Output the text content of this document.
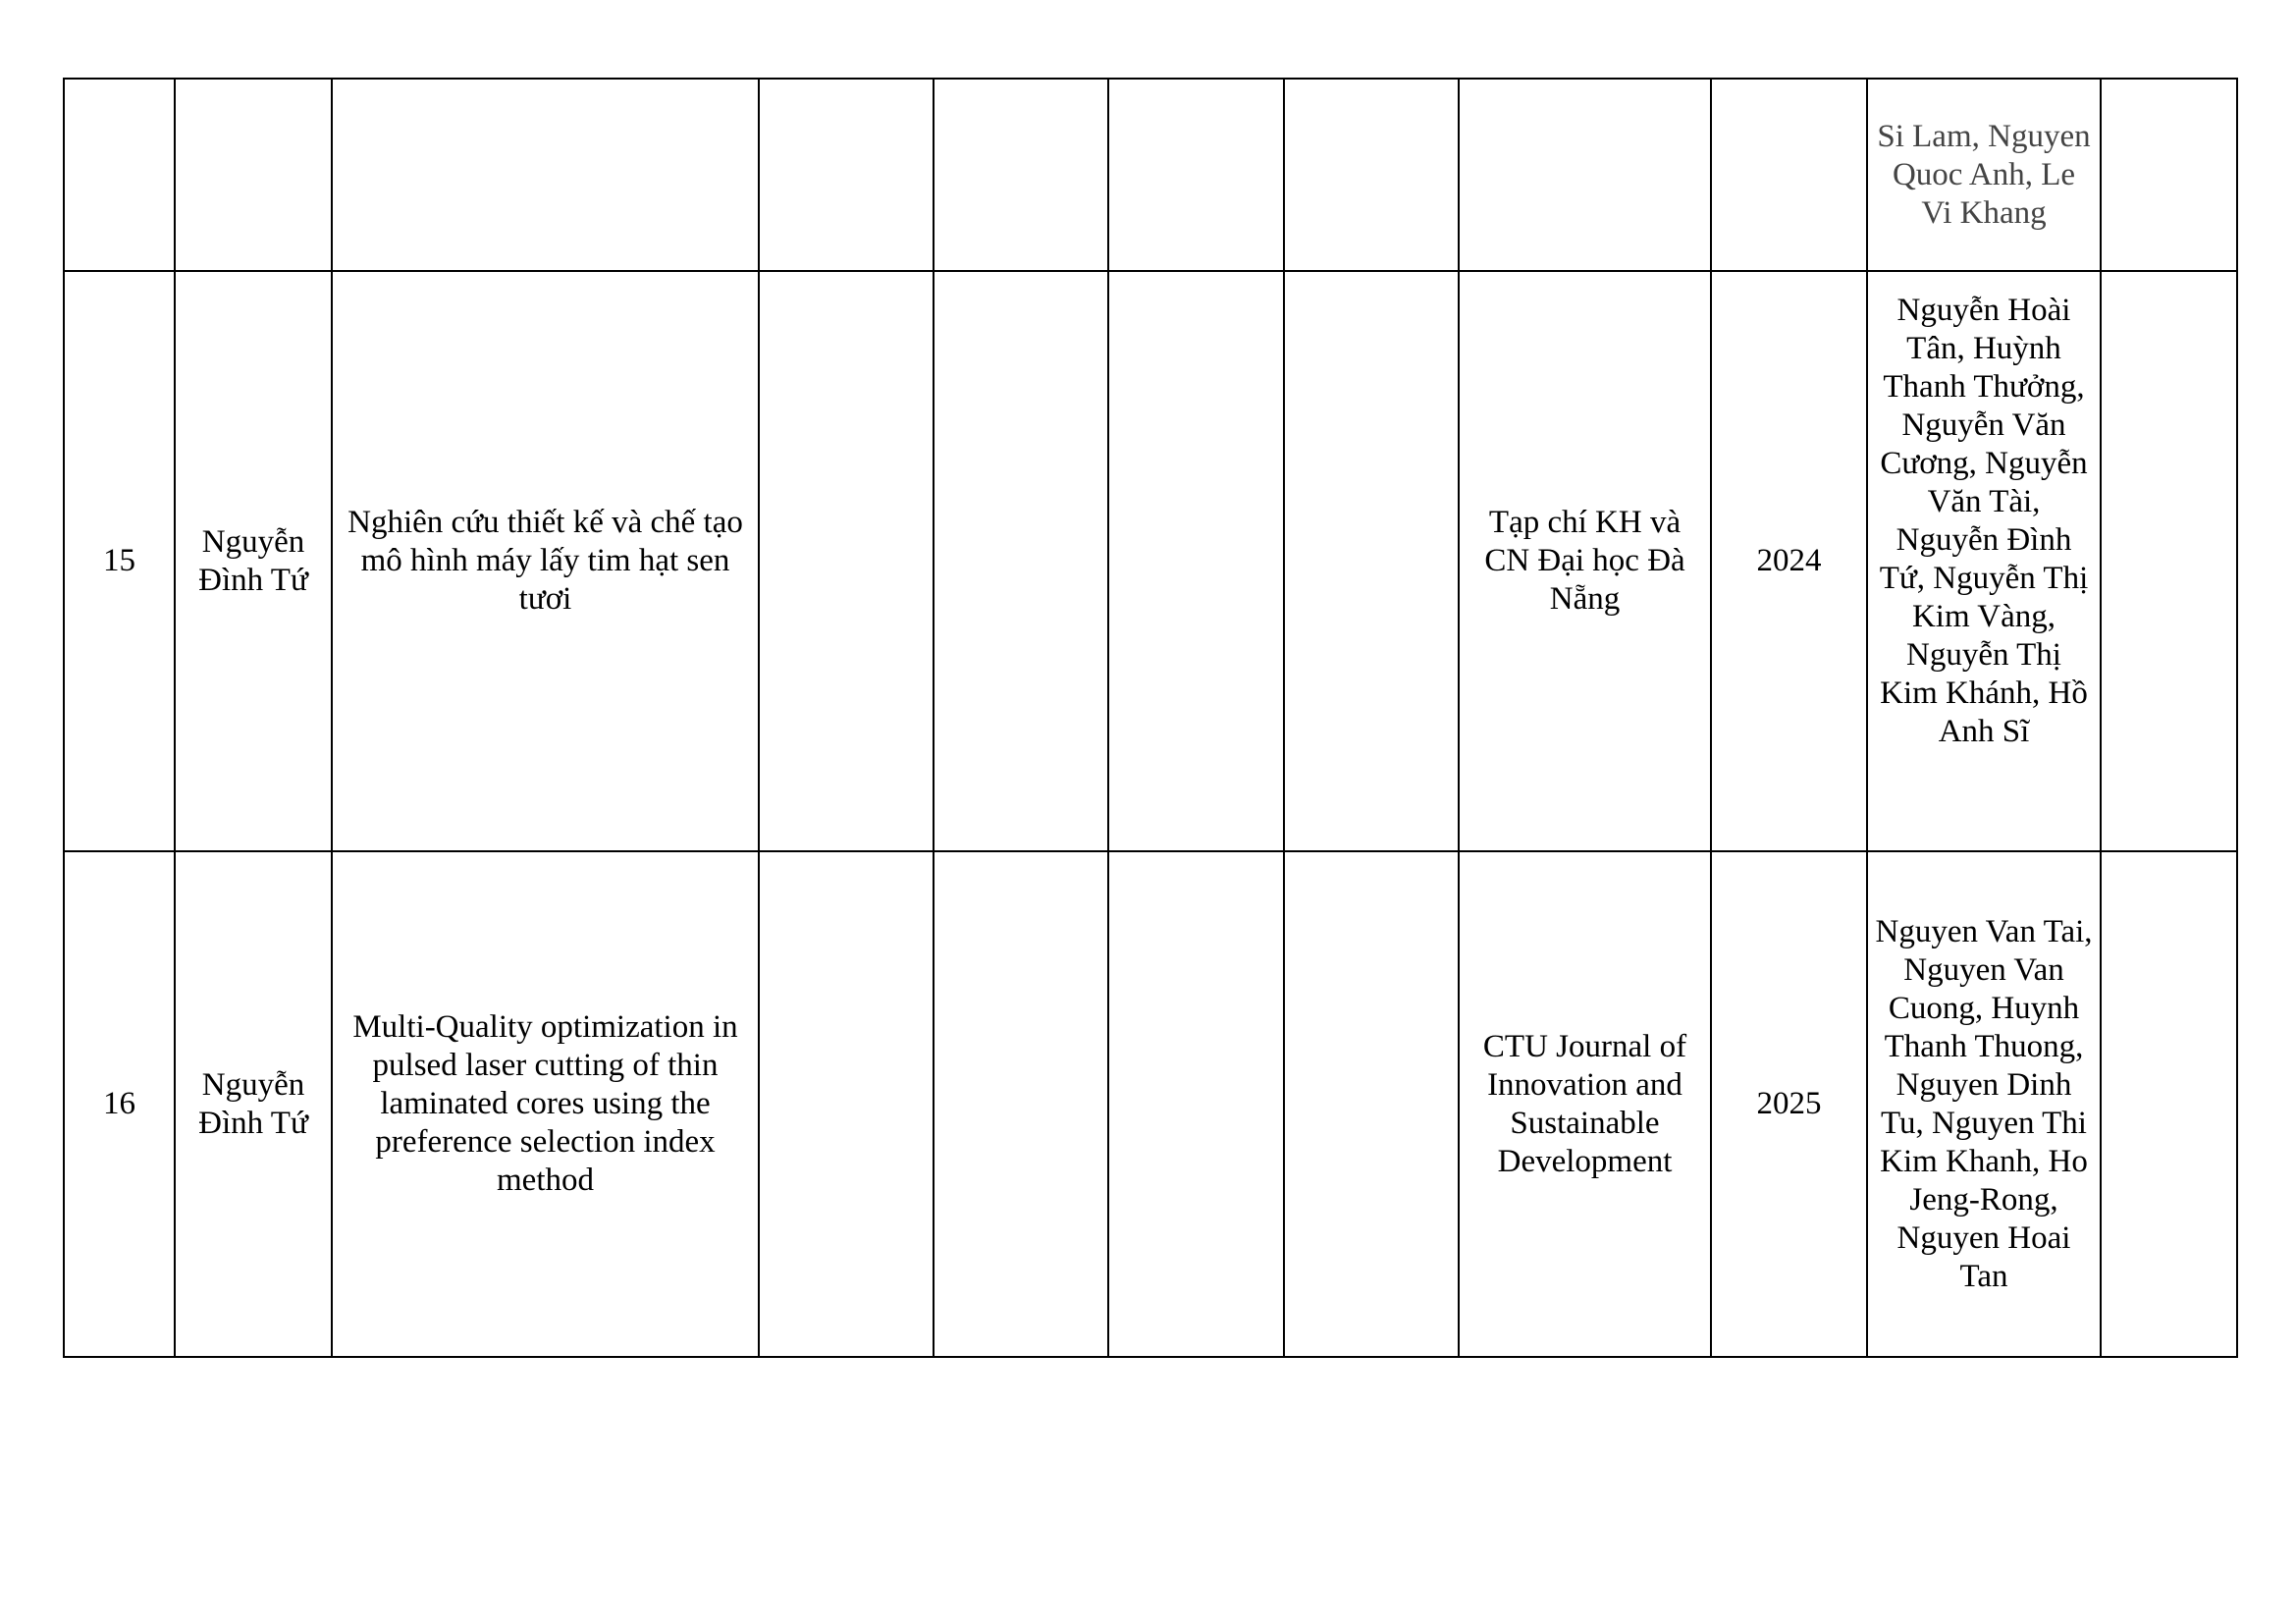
									Si Lam, Nguyen Quoc Anh, Le Vi Khang	
15	Nguyễn Đình Tứ	Nghiên cứu thiết kế và chế tạo mô hình máy lấy tim hạt sen tươi					Tạp chí KH và CN Đại học Đà Nẵng	2024	Nguyễn Hoài Tân, Huỳnh Thanh Thưởng, Nguyễn Văn Cương, Nguyễn Văn Tài, Nguyễn Đình Tứ, Nguyễn Thị Kim Vàng, Nguyễn Thị Kim Khánh, Hồ Anh Sĩ	
16	Nguyễn Đình Tứ	Multi-Quality optimization in pulsed laser cutting of thin laminated cores using the preference selection index method					CTU Journal of Innovation and Sustainable Development	2025	Nguyen Van Tai, Nguyen Van Cuong, Huynh Thanh Thuong, Nguyen Dinh Tu, Nguyen Thi Kim Khanh, Ho Jeng-Rong, Nguyen Hoai Tan	
